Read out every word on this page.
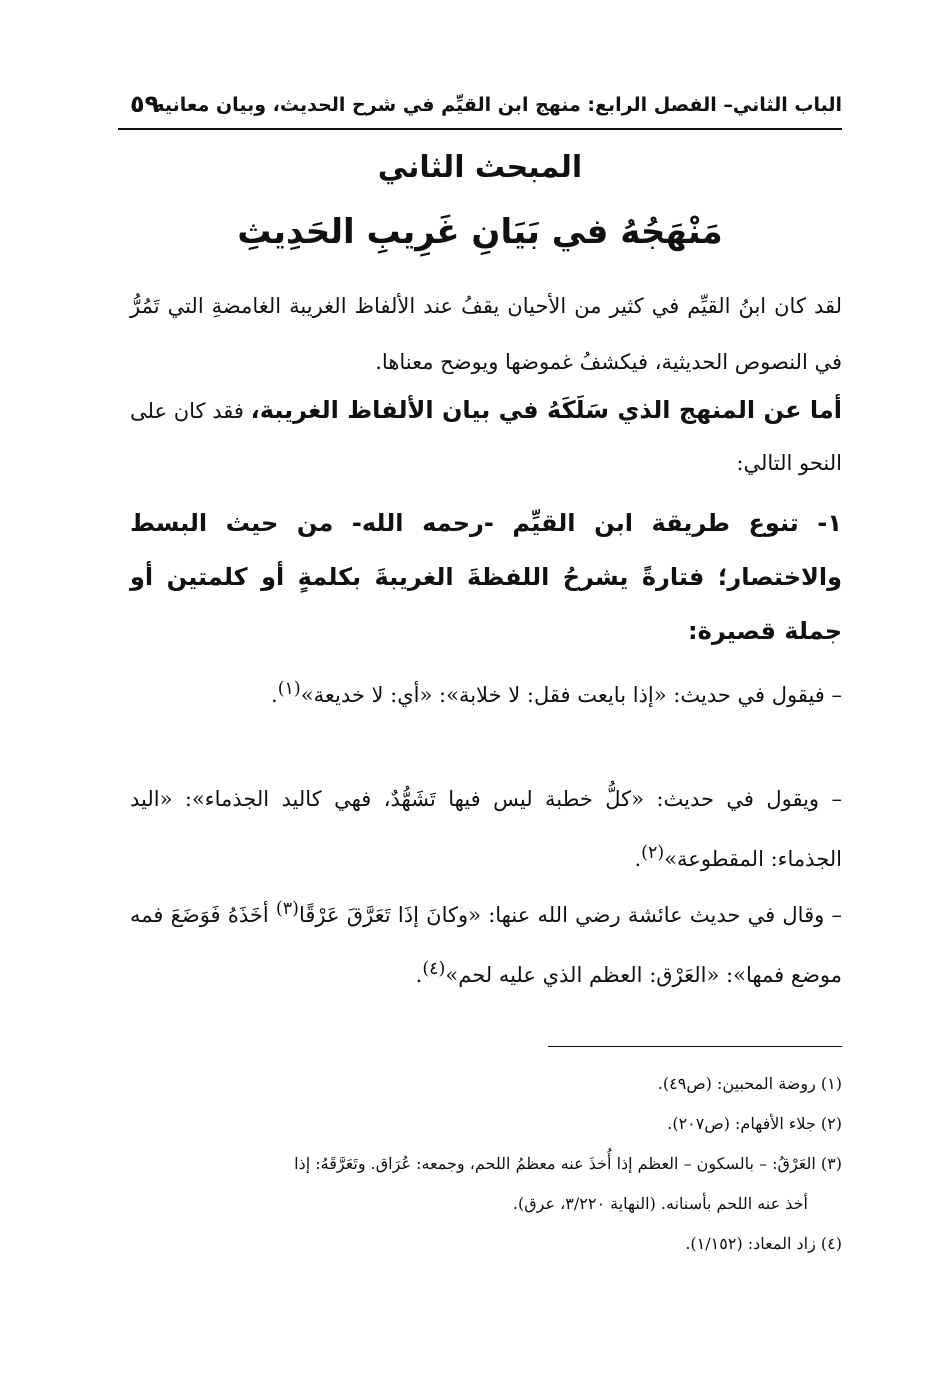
الباب الثاني– الفصل الرابع: منهج ابن القيِّم في شرح الحديث، وبيان معانيه
٥٩
المبحث الثاني
مَنْهَجُهُ في بَيَانِ غَرِيبِ الحَدِيثِ
لقد كان ابنُ القيِّم في كثير من الأحيان يقفُ عند الألفاظ الغريبة الغامضةِ التي تَمُرُّ في النصوص الحديثية، فيكشفُ غموضها ويوضح معناها.
أما عن المنهج الذي سَلَكَهُ في بيان الألفاظ الغريبة، فقد كان على النحو التالي:
١- تنوع طريقة ابن القيِّم -رحمه الله- من حيث البسط والاختصار؛ فتارةً يشرحُ اللفظةَ الغريبةَ بكلمةٍ أو كلمتين أو جملة قصيرة:
– فيقول في حديث: «إذا بايعت فقل: لا خلابة»: «أي: لا خديعة»$^{(١)}$.
– ويقول في حديث: «كلُّ خطبة ليس فيها تَشَهُّدٌ، فهي كاليد الجذماء»: «اليد الجذماء: المقطوعة»$^{(٢)}$.
– وقال في حديث عائشة رضي الله عنها: «وكانَ إذَا تَعَرَّقَ عَرْقًا$^{(٣)}$ أخَذَهُ فَوَضَعَ فمه موضع فمها»: «العَرْق: العظم الذي عليه لحم»$^{(٤)}$.
(١) روضة المحبين: (ص٤٩).
(٢) جلاء الأفهام: (ص٢٠٧).
(٣) العَرْقُ: – بالسكون – العظم إذا أُخذَ عنه معظمُ اللحم، وجمعه: عُرَاق. وتَعَرَّقَهُ: إذا
أخذ عنه اللحم بأسنانه. (النهاية ٣/٢٢٠، عرق).
(٤) زاد المعاد: (١/١٥٢).
